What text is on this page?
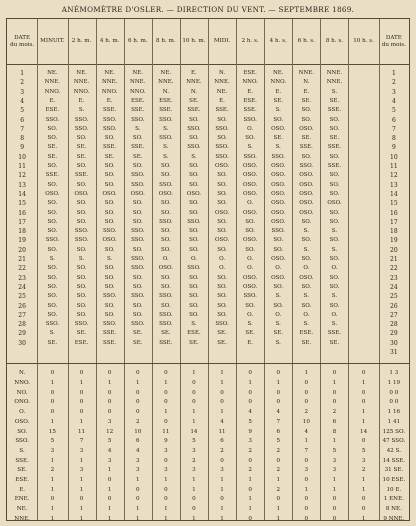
ANÉMOMÈTRE D'OSLER. — DIRECTION DU VENT. — SEPTEMBRE 1869.
DATE
du mois.
MINUIT.	2 h. m.	4 h. m.	6 h. m.	8 h. m.	10 h. m.	MIDI.	2 h. s.	4 h. s.	6 h. s.	8 h. s.	10 h. s.
DATE
du mois.
1	NE.	NE.	NE.	NE.	NE.	E.	N.	ESE.	NE.	NNE.	NNE.	1
2	NNE.	NNE.	NNE.	NNE.	NNE.	NNE.	NNE.	NNO.	NNO.	N.	NNE.	2
3	NNO.	NNO.	NNO.	NNO.	N.	N.	NE.	E.	E.	E.	S.	3
4	E.	E.	E.	ESE.	ESE.	SE.	E.	ESE.	SE.	SE.	SE.	4
5	ESE.	S.	SSE.	SSE.	SSE.	SSE.	SSE.	SSE.	S.	SO.	SSE.	5
6	SSO.	SSO.	SSO.	SSO.	SSO.	SO.	SO.	SSO.	SO.	SO.	SO.	6
7	SO.	SSO.	SSO.	S.	S.	SSO.	SSO.	O.	OSO.	OSO.	SO.	7
8	SO.	SO.	SO.	SO.	SSO.	SO.	SO.	SO.	SE.	SE.	SE.	8
9	SE.	SE.	SSE.	SSE.	S.	SSO.	SSO.	S.	S.	SSE.	SSE.	9
10	SE.	SE.	SE.	SE.	S.	S.	SSO.	SSO.	SSO.	SO.	SO.	10
11	SO.	SO.	SO.	SO.	SO.	SO.	OSO.	OSO.	OSO.	SSO.	SSE.	11
12	SSE.	SSE.	SO.	SSO.	SO.	SO.	SO.	OSO.	OSO.	OSO.	SO.	12
13	SO.	SO.	SO.	SSO.	SSO.	SO.	SO.	OSO.	OSO.	OSO.	SO.	13
14	OSO.	OSO.	OSO.	OSO.	OSO.	OSO.	SO.	OSO.	OSO.	OSO.	SO.	14
15	SO.	SO.	SO.	SO.	SO.	SO.	SO.	O.	OSO.	OSO.	OSO.	15
16	SO.	SO.	SO.	SO.	SO.	SO.	OSO.	OSO.	OSO.	OSO.	SO.	16
17	SO.	SO.	SO.	SO.	SSO.	SSO.	SO.	SO.	OSO.	SO.	SO.	17
18	SO.	SSO.	SSO.	SSO.	SO.	SO.	SO.	SO.	SSO.	S.	S.	18
19	SSO.	SSO.	OSO.	SSO.	SO.	SO.	OSO.	OSO.	SO.	SO.	SO.	19
20	SO.	SO.	SO.	SO.	SO.	SO.	SO.	SO.	SO.	S.	S.	20
21	S.	S.	S.	SSO.	O.	O.	O.	O.	OSO.	SO.	SO.	21
22	SO.	SO.	SO.	SSO.	OSO.	SSO.	O.	O.	O.	O.	O.	22
23	SO.	SO.	SO.	SO.	SO.	SO.	SO.	OSO.	OSO.	OSO.	SO.	23
24	SO.	SO.	SO.	SO.	SO.	SO.	SO.	OSO.	SO.	SO.	SO.	24
25	SO.	SO.	SSO.	SSO.	SSO.	SO.	SO.	SSO.	S.	S.	S.	25
26	SO.	SO.	SO.	SO.	SO.	SO.	SO.	SO.	SO.	SO.	SO.	26
27	SO.	SO.	SO.	SO.	SSO.	SO.	SO.	O.	O.	O.	O.	27
28	SSO.	SSO.	SSO.	SSO.	SSO.	S.	SSO.	S.	S.	S.	S.	28
29	S.	SE.	SSE.	SE.	SE.	ESE.	SE.	SE.	SE.	ESE.	SSE.	29
30	SE.	ESE.	SSE.	SE.	SSE.	SE.	SE.	E.	S.	SE.	SE.	30
31
N.	0	0	0	0	0	1	1	0	0	1	0	0	1 3
NNO.	1	1	1	1	1	0	1	1	1	0	1	1	1 19
NO.	0	0	0	0	0	0	0	0	0	0	0	0	0 0
ONO.	0	0	0	0	0	0	0	0	0	0	0	0	0 0
O.	0	0	0	0	1	1	1	4	4	2	2	1	1 16
OSO.	1	1	3	2	0	1	4	5	7	10	6	1	1 41
SO.	15	11	12	10	11	14	11	9	6	4	8	14	125 SO.
SSO.	5	7	5	6	9	5	6	3	5	1	1	0	47 SSO.
S.	3	3	4	4	3	3	2	2	2	7	5	5	42 S.
SSE.	1	1	3	3	0	2	0	0	0	0	3	3	14 SSE.
SE.	2	3	1	3	3	3	3	2	2	3	3	2	31 SE.
ESE.	1	1	0	1	1	1	1	1	1	0	1	1	10 ESE.
E.	1	1	1	0	0	1	1	0	2	1	1	1	10 E.
ENE.	0	0	0	0	0	0	0	1	0	0	0	0	1 ENE.
NE.	1	1	1	1	1	0	1	1	1	0	0	0	8 NE.
NNE.	1	1	1	1	1	1	1	0	1	0	0	1	9 NNE.
